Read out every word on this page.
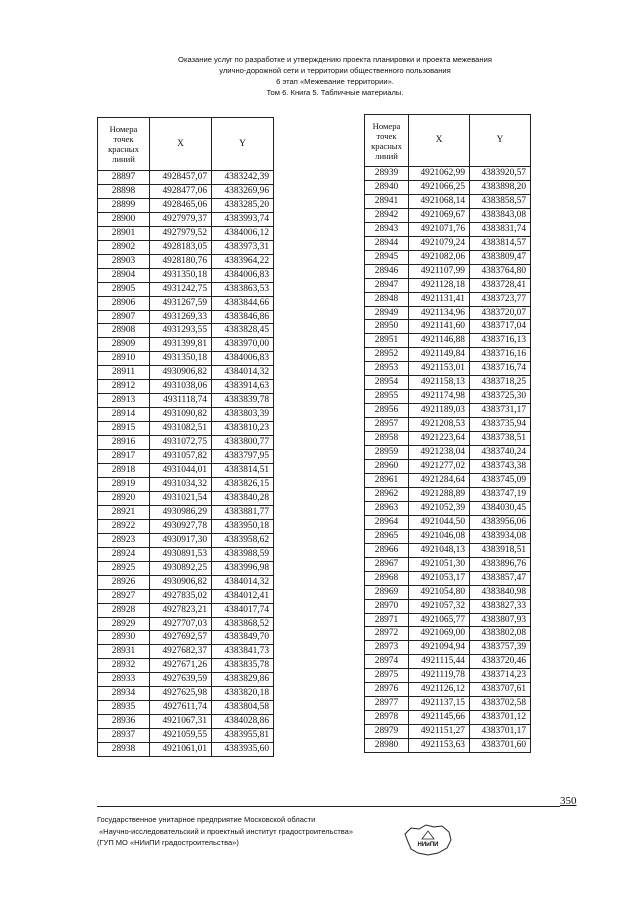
Оказание услуг по разработке и утверждению проекта планировки и проекта межевания
улично-дорожной сети и территории общественного пользования
6 этап «Межевание территории».
Том 6. Книга 5. Табличные материалы.
Номера
точек
красных
линий	X	Y
28897	4928457,07	4383242,39
28898	4928477,06	4383269,96
28899	4928465,06	4383285,20
28900	4927979,37	4383993,74
28901	4927979,52	4384006,12
28902	4928183,05	4383973,31
28903	4928180,76	4383964,22
28904	4931350,18	4384006,83
28905	4931242,75	4383863,53
28906	4931267,59	4383844,66
28907	4931269,33	4383846,86
28908	4931293,55	4383828,45
28909	4931399,81	4383970,00
28910	4931350,18	4384006,83
28911	4930906,82	4384014,32
28912	4931038,06	4383914,63
28913	4931118,74	4383839,78
28914	4931090,82	4383803,39
28915	4931082,51	4383810,23
28916	4931072,75	4383800,77
28917	4931057,82	4383797,95
28918	4931044,01	4383814,51
28919	4931034,32	4383826,15
28920	4931021,54	4383840,28
28921	4930986,29	4383881,77
28922	4930927,78	4383950,18
28923	4930917,30	4383958,62
28924	4930891,53	4383988,59
28925	4930892,25	4383996,98
28926	4930906,82	4384014,32
28927	4927835,02	4384012,41
28928	4927823,21	4384017,74
28929	4927707,03	4383868,52
28930	4927692,57	4383849,70
28931	4927682,37	4383841,73
28932	4927671,26	4383835,78
28933	4927639,59	4383829,86
28934	4927625,98	4383820,18
28935	4927611,74	4383804,58
28936	4921067,31	4384028,86
28937	4921059,55	4383955,81
28938	4921061,01	4383935,60
Номера
точек
красных
линий	X	Y
28939	4921062,99	4383920,57
28940	4921066,25	4383898,20
28941	4921068,14	4383858,57
28942	4921069,67	4383843,08
28943	4921071,76	4383831,74
28944	4921079,24	4383814,57
28945	4921082,06	4383809,47
28946	4921107,99	4383764,80
28947	4921128,18	4383728,41
28948	4921131,41	4383723,77
28949	4921134,96	4383720,07
28950	4921141,60	4383717,04
28951	4921146,88	4383716,13
28952	4921149,84	4383716,16
28953	4921153,01	4383716,74
28954	4921158,13	4383718,25
28955	4921174,98	4383725,30
28956	4921189,03	4383731,17
28957	4921208,53	4383735,94
28958	4921223,64	4383738,51
28959	4921238,04	4383740,24
28960	4921277,02	4383743,38
28961	4921284,64	4383745,09
28962	4921288,89	4383747,19
28963	4921052,39	4384030,45
28964	4921044,50	4383956,06
28965	4921046,08	4383934,08
28966	4921048,13	4383918,51
28967	4921051,30	4383896,76
28968	4921053,17	4383857,47
28969	4921054,80	4383840,98
28970	4921057,32	4383827,33
28971	4921065,77	4383807,93
28972	4921069,00	4383802,08
28973	4921094,94	4383757,39
28974	4921115,44	4383720,46
28975	4921119,78	4383714,23
28976	4921126,12	4383707,61
28977	4921137,15	4383702,58
28978	4921145,66	4383701,12
28979	4921151,27	4383701,17
28980	4921153,63	4383701,60
350
Государственное унитарное предприятие Московской области
«Научно-исследовательский и проектный институт градостроительства»
(ГУП МО «НИиПИ градостроительства»)	НИиПИ
